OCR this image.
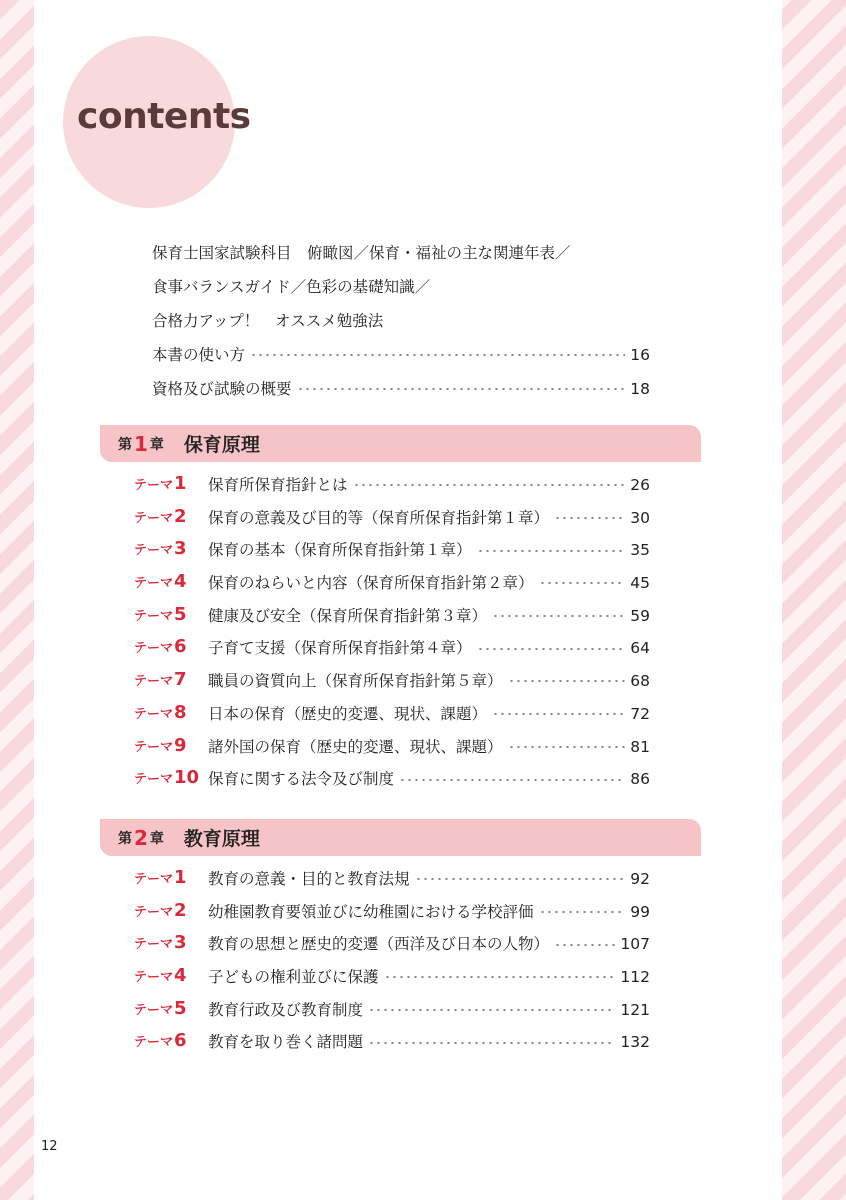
contents
保育士国家試験科目　俯瞰図／保育・福祉の主な関連年表／
食事バランスガイド／色彩の基礎知識／
合格力アップ！　オススメ勉強法
本書の使い方	16
資格及び試験の概要	18
第 1 章 保育原理
テーマ1	保育所保育指針とは	26
テーマ2	保育の意義及び目的等（保育所保育指針第１章）	30
テーマ3	保育の基本（保育所保育指針第１章）	35
テーマ4	保育のねらいと内容（保育所保育指針第２章）	45
テーマ5	健康及び安全（保育所保育指針第３章）	59
テーマ6	子育て支援（保育所保育指針第４章）	64
テーマ7	職員の資質向上（保育所保育指針第５章）	68
テーマ8	日本の保育（歴史的変遷、現状、課題）	72
テーマ9	諸外国の保育（歴史的変遷、現状、課題）	81
テーマ10 保育に関する法令及び制度	86
第 2 章 教育原理
テーマ1	教育の意義・目的と教育法規	92
テーマ2	幼稚園教育要領並びに幼稚園における学校評価	99
テーマ3	教育の思想と歴史的変遷（西洋及び日本の人物）	107
テーマ4	子どもの権利並びに保護	112
テーマ5	教育行政及び教育制度	121
テーマ6	教育を取り巻く諸問題	132
12
